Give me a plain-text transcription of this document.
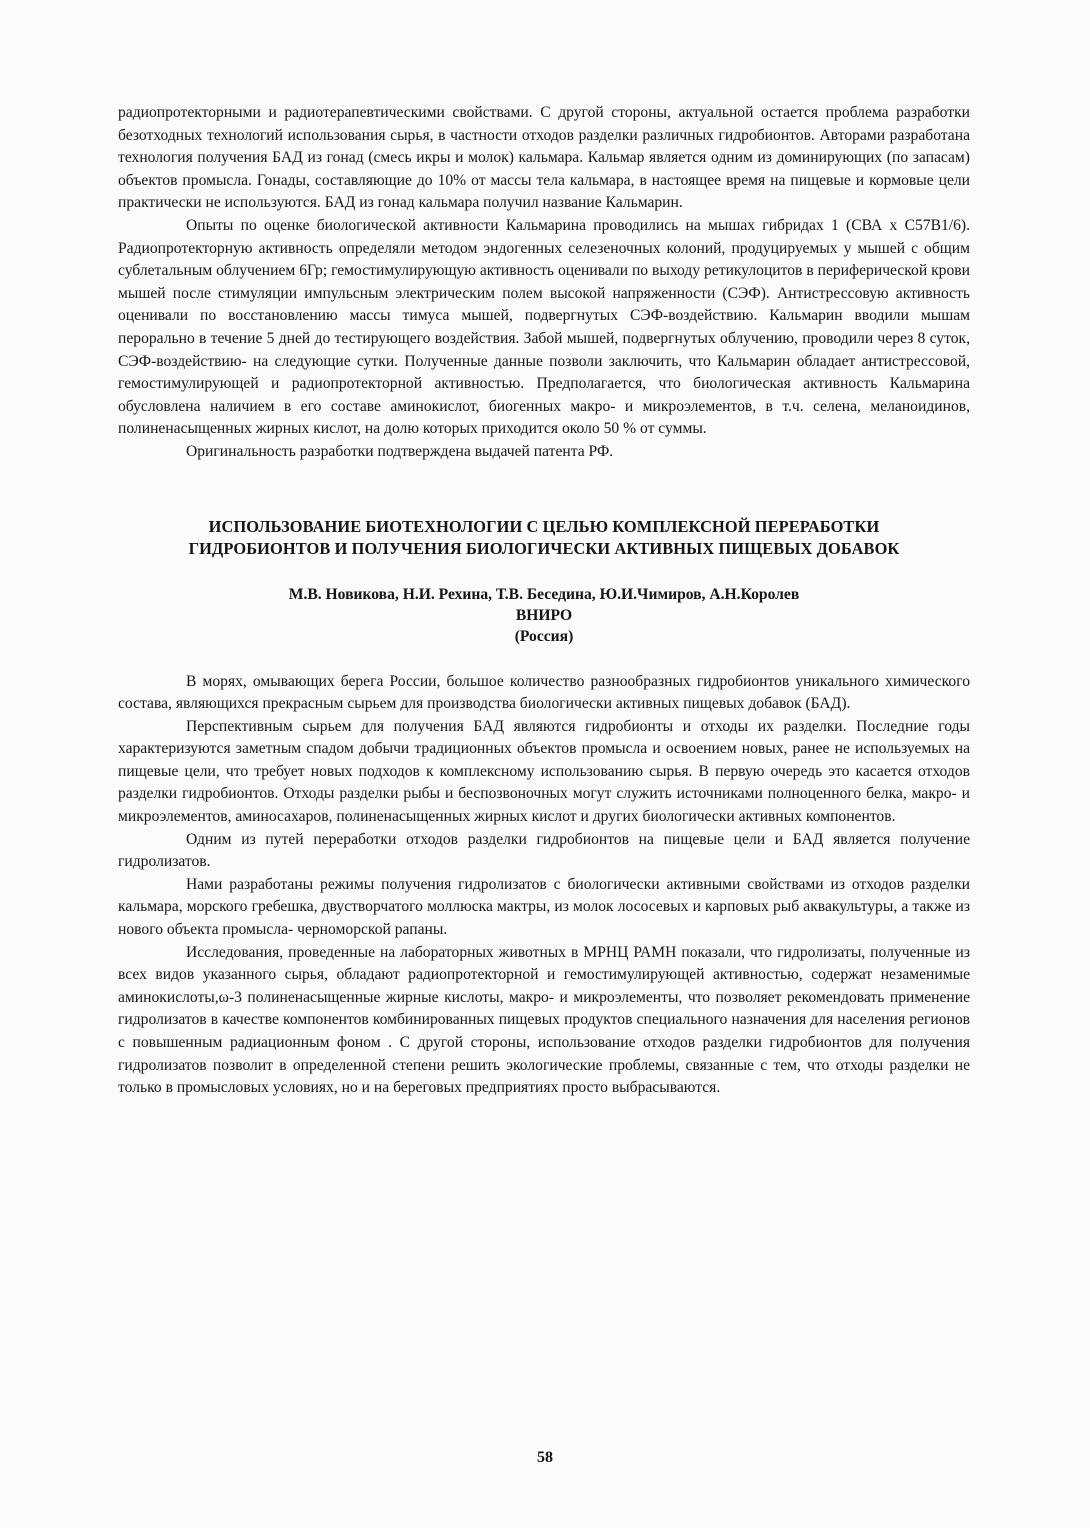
радиопротекторными и радиотерапевтическими свойствами. С другой стороны, актуальной остается проблема разработки безотходных технологий использования сырья, в частности отходов разделки различных гидробионтов. Авторами разработана технология получения БАД из гонад (смесь икры и молок) кальмара. Кальмар является одним из доминирующих (по запасам) объектов промысла. Гонады, составляющие до 10% от массы тела кальмара, в настоящее время на пищевые и кормовые цели практически не используются. БАД из гонад кальмара получил название Кальмарин.

Опыты по оценке биологической активности Кальмарина проводились на мышах гибридах 1 (СВА х С57В1/6). Радиопротекторную активность определяли методом эндогенных селезеночных колоний, продуцируемых у мышей с общим сублетальным облучением 6Гр; гемостимулирующую активность оценивали по выходу ретикулоцитов в периферической крови мышей после стимуляции импульсным электрическим полем высокой напряженности (СЭФ). Антистрессовую активность оценивали по восстановлению массы тимуса мышей, подвергнутых СЭФ-воздействию. Кальмарин вводили мышам перорально в течение 5 дней до тестирующего воздействия. Забой мышей, подвергнутых облучению, проводили через 8 суток, СЭФ-воздействию- на следующие сутки. Полученные данные позволи заключить, что Кальмарин обладает антистрессовой, гемостимулирующей и радиопротекторной активностью. Предполагается, что биологическая активность Кальмарина обусловлена наличием в его составе аминокислот, биогенных макро- и микроэлементов, в т.ч. селена, меланоидинов, полиненасыщенных жирных кислот, на долю которых приходится около 50 % от суммы.

Оригинальность разработки подтверждена выдачей патента РФ.

ИСПОЛЬЗОВАНИЕ БИОТЕХНОЛОГИИ С ЦЕЛЬЮ КОМПЛЕКСНОЙ ПЕРЕРАБОТКИ
ГИДРОБИОНТОВ И ПОЛУЧЕНИЯ БИОЛОГИЧЕСКИ АКТИВНЫХ ПИЩЕВЫХ ДОБАВОК

М.В. Новикова, Н.И. Рехина, Т.В. Беседина, Ю.И.Чимиров, А.Н.Королев

ВНИРО

(Россия)

В морях, омывающих берега России, большое количество разнообразных гидробионтов уникального химического состава, являющихся прекрасным сырьем для производства биологически активных пищевых добавок (БАД).

Перспективным сырьем для получения БАД являются гидробионты и отходы их разделки. Последние годы характеризуются заметным спадом добычи традиционных объектов промысла и освоением новых, ранее не используемых на пищевые цели, что требует новых подходов к комплексному использованию сырья. В первую очередь это касается отходов разделки гидробионтов. Отходы разделки рыбы и беспозвоночных могут служить источниками полноценного белка, макро- и микроэлементов, аминосахаров, полиненасыщенных жирных кислот и других биологически активных компонентов.

Одним из путей переработки отходов разделки гидробионтов на пищевые цели и БАД является получение гидролизатов.

Нами разработаны режимы получения гидролизатов с биологически активными свойствами из отходов разделки кальмара, морского гребешка, двустворчатого моллюска мактры, из молок лососевых и карповых рыб аквакультуры, а также из нового объекта промысла- черноморской рапаны.

Исследования, проведенные на лабораторных животных в МРНЦ РАМН показали, что гидролизаты, полученные из всех видов указанного сырья, обладают радиопротекторной и гемостимулирующей активностью, содержат незаменимые аминокислоты,ω-3 полиненасыщенные жирные кислоты, макро- и микроэлементы, что позволяет рекомендовать применение гидролизатов в качестве компонентов комбинированных пищевых продуктов специального назначения для населения регионов с повышенным радиационным фоном . С другой стороны, использование отходов разделки гидробионтов для получения гидролизатов позволит в определенной степени решить экологические проблемы, связанные с тем, что отходы разделки не только в промысловых условиях, но и на береговых предприятиях просто выбрасываются.

58
